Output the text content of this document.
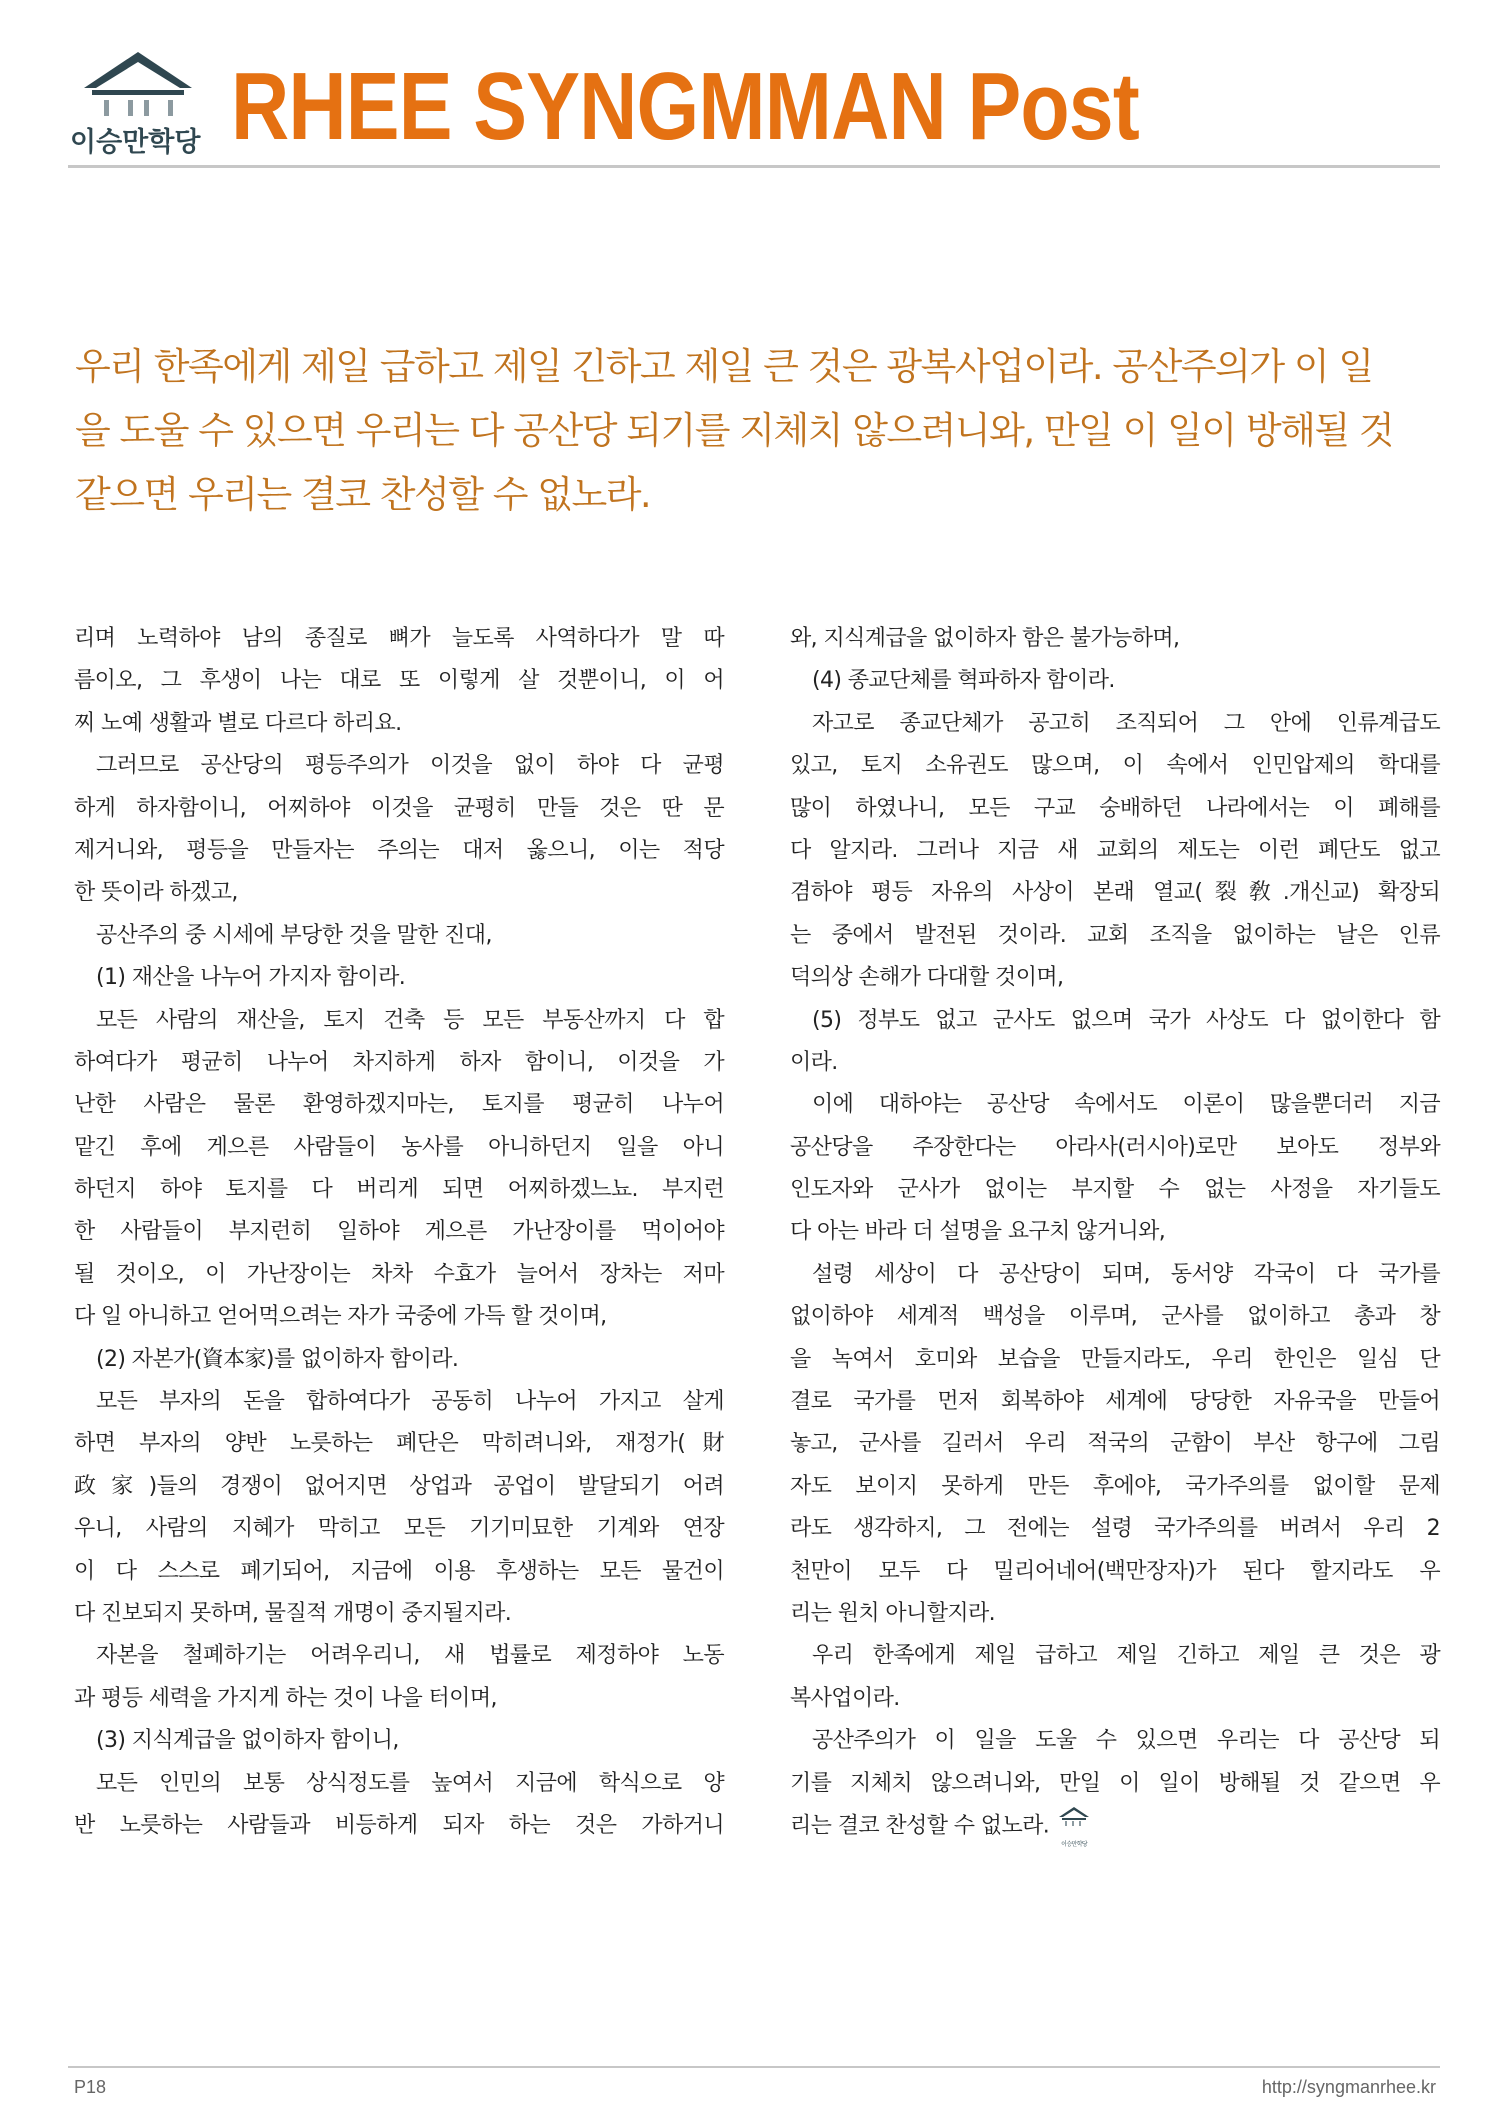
이승만학당 RHEE SYNGMMAN Post
우리 한족에게 제일 급하고 제일 긴하고 제일 큰 것은 광복사업이라. 공산주의가 이 일
을 도울 수 있으면 우리는 다 공산당 되기를 지체치 않으려니와, 만일 이 일이 방해될 것
같으면 우리는 결코 찬성할 수 없노라.
리며 노력하야 남의 종질로 뼈가 늘도록 사역하다가 말 따
름이오, 그 후생이 나는 대로 또 이렇게 살 것뿐이니, 이 어
찌 노예 생활과 별로 다르다 하리요.
그러므로 공산당의 평등주의가 이것을 없이 하야 다 균평
하게 하자함이니, 어찌하야 이것을 균평히 만들 것은 딴 문
제거니와, 평등을 만들자는 주의는 대저 옳으니, 이는 적당
한 뜻이라 하겠고,
공산주의 중 시세에 부당한 것을 말한 진대,
(1) 재산을 나누어 가지자 함이라.
모든 사람의 재산을, 토지 건축 등 모든 부동산까지 다 합
하여다가 평균히 나누어 차지하게 하자 함이니, 이것을 가
난한 사람은 물론 환영하겠지마는, 토지를 평균히 나누어
맡긴 후에 게으른 사람들이 농사를 아니하던지 일을 아니
하던지 하야 토지를 다 버리게 되면 어찌하겠느뇨. 부지런
한 사람들이 부지런히 일하야 게으른 가난장이를 먹이어야
될 것이오, 이 가난장이는 차차 수효가 늘어서 장차는 저마
다 일 아니하고 얻어먹으려는 자가 국중에 가득 할 것이며,
(2) 자본가(資本家)를 없이하자 함이라.
모든 부자의 돈을 합하여다가 공동히 나누어 가지고 살게
하면 부자의 양반 노릇하는 폐단은 막히려니와, 재정가(財
政家)들의 경쟁이 없어지면 상업과 공업이 발달되기 어려
우니, 사람의 지혜가 막히고 모든 기기미묘한 기계와 연장
이 다 스스로 폐기되어, 지금에 이용 후생하는 모든 물건이
다 진보되지 못하며, 물질적 개명이 중지될지라.
자본을 철폐하기는 어려우리니, 새 법률로 제정하야 노동
과 평등 세력을 가지게 하는 것이 나을 터이며,
(3) 지식계급을 없이하자 함이니,
모든 인민의 보통 상식정도를 높여서 지금에 학식으로 양
반 노릇하는 사람들과 비등하게 되자 하는 것은 가하거니
와, 지식계급을 없이하자 함은 불가능하며,
(4) 종교단체를 혁파하자 함이라.
자고로 종교단체가 공고히 조직되어 그 안에 인류계급도
있고, 토지 소유권도 많으며, 이 속에서 인민압제의 학대를
많이 하였나니, 모든 구교 숭배하던 나라에서는 이 폐해를
다 알지라. 그러나 지금 새 교회의 제도는 이런 폐단도 없고
겸하야 평등 자유의 사상이 본래 열교(裂敎.개신교) 확장되
는 중에서 발전된 것이라. 교회 조직을 없이하는 날은 인류
덕의상 손해가 다대할 것이며,
(5) 정부도 없고 군사도 없으며 국가 사상도 다 없이한다 함
이라.
이에 대하야는 공산당 속에서도 이론이 많을뿐더러 지금
공산당을 주장한다는 아라사(러시아)로만 보아도 정부와
인도자와 군사가 없이는 부지할 수 없는 사정을 자기들도
다 아는 바라 더 설명을 요구치 않거니와,
설령 세상이 다 공산당이 되며, 동서양 각국이 다 국가를
없이하야 세계적 백성을 이루며, 군사를 없이하고 총과 창
을 녹여서 호미와 보습을 만들지라도, 우리 한인은 일심 단
결로 국가를 먼저 회복하야 세계에 당당한 자유국을 만들어
놓고, 군사를 길러서 우리 적국의 군함이 부산 항구에 그림
자도 보이지 못하게 만든 후에야, 국가주의를 없이할 문제
라도 생각하지, 그 전에는 설령 국가주의를 버려서 우리 2
천만이 모두 다 밀리어네어(백만장자)가 된다 할지라도 우
리는 원치 아니할지라.
우리 한족에게 제일 급하고 제일 긴하고 제일 큰 것은 광
복사업이라.
공산주의가 이 일을 도울 수 있으면 우리는 다 공산당 되
기를 지체치 않으려니와, 만일 이 일이 방해될 것 같으면 우
리는 결코 찬성할 수 없노라.
이승만학당
P18	http://syngmanrhee.kr
